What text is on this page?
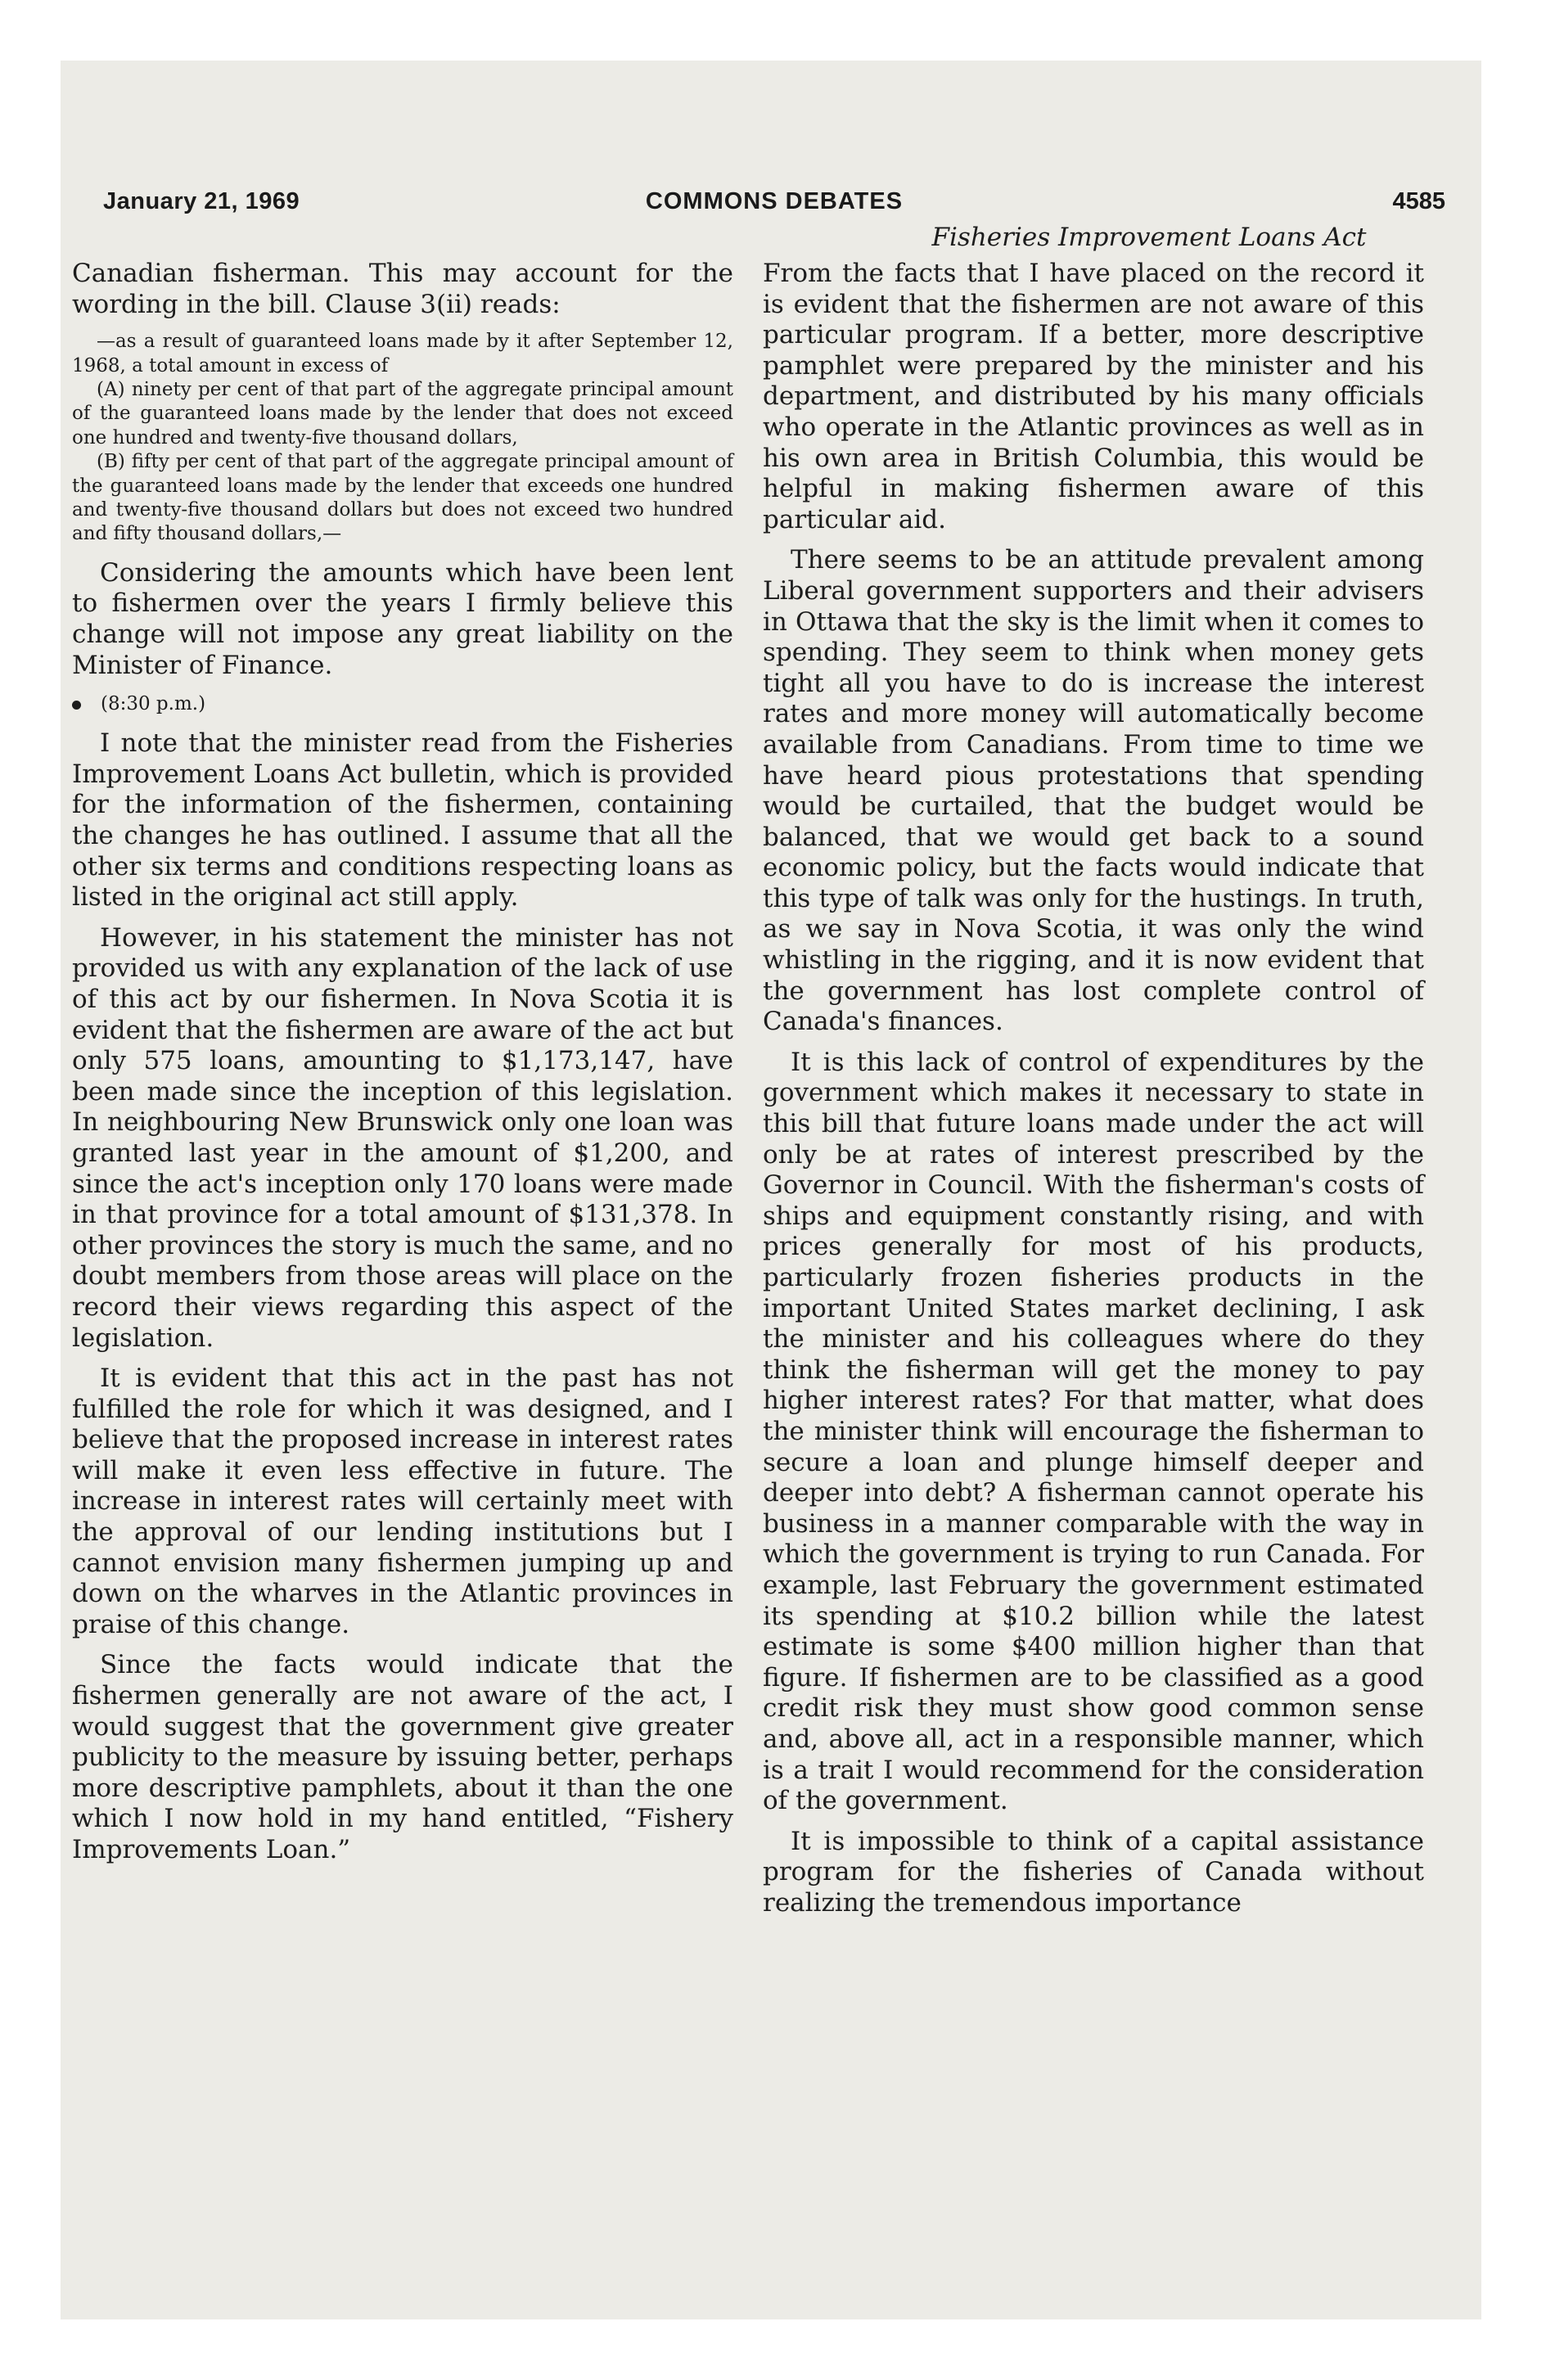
January 21, 1969	COMMONS DEBATES	4585
Fisheries Improvement Loans Act

Canadian fisherman. This may account for the wording in the bill. Clause 3(ii) reads:

—as a result of guaranteed loans made by it after September 12, 1968, a total amount in excess of

(A) ninety per cent of that part of the aggregate principal amount of the guaranteed loans made by the lender that does not exceed one hundred and twenty-five thousand dollars,

(B) fifty per cent of that part of the aggregate principal amount of the guaranteed loans made by the lender that exceeds one hundred and twenty-five thousand dollars but does not exceed two hundred and fifty thousand dollars,—

Considering the amounts which have been lent to fishermen over the years I firmly believe this change will not impose any great liability on the Minister of Finance.

(8:30 p.m.)

I note that the minister read from the Fisheries Improvement Loans Act bulletin, which is provided for the information of the fishermen, containing the changes he has outlined. I assume that all the other six terms and conditions respecting loans as listed in the original act still apply.

However, in his statement the minister has not provided us with any explanation of the lack of use of this act by our fishermen. In Nova Scotia it is evident that the fishermen are aware of the act but only 575 loans, amounting to $1,173,147, have been made since the inception of this legislation. In neighbouring New Brunswick only one loan was granted last year in the amount of $1,200, and since the act's inception only 170 loans were made in that province for a total amount of $131,378. In other provinces the story is much the same, and no doubt members from those areas will place on the record their views regarding this aspect of the legislation.

It is evident that this act in the past has not fulfilled the role for which it was designed, and I believe that the proposed increase in interest rates will make it even less effective in future. The increase in interest rates will certainly meet with the approval of our lending institutions but I cannot envision many fishermen jumping up and down on the wharves in the Atlantic provinces in praise of this change.

Since the facts would indicate that the fishermen generally are not aware of the act, I would suggest that the government give greater publicity to the measure by issuing better, perhaps more descriptive pamphlets, about it than the one which I now hold in my hand entitled, “Fishery Improvements Loan.”

From the facts that I have placed on the record it is evident that the fishermen are not aware of this particular program. If a better, more descriptive pamphlet were prepared by the minister and his department, and distributed by his many officials who operate in the Atlantic provinces as well as in his own area in British Columbia, this would be helpful in making fishermen aware of this particular aid.

There seems to be an attitude prevalent among Liberal government supporters and their advisers in Ottawa that the sky is the limit when it comes to spending. They seem to think when money gets tight all you have to do is increase the interest rates and more money will automatically become available from Canadians. From time to time we have heard pious protestations that spending would be curtailed, that the budget would be balanced, that we would get back to a sound economic policy, but the facts would indicate that this type of talk was only for the hustings. In truth, as we say in Nova Scotia, it was only the wind whistling in the rigging, and it is now evident that the government has lost complete control of Canada's finances.

It is this lack of control of expenditures by the government which makes it necessary to state in this bill that future loans made under the act will only be at rates of interest prescribed by the Governor in Council. With the fisherman's costs of ships and equipment constantly rising, and with prices generally for most of his products, particularly frozen fisheries products in the important United States market declining, I ask the minister and his colleagues where do they think the fisherman will get the money to pay higher interest rates? For that matter, what does the minister think will encourage the fisherman to secure a loan and plunge himself deeper and deeper into debt? A fisherman cannot operate his business in a manner comparable with the way in which the government is trying to run Canada. For example, last February the government estimated its spending at $10.2 billion while the latest estimate is some $400 million higher than that figure. If fishermen are to be classified as a good credit risk they must show good common sense and, above all, act in a responsible manner, which is a trait I would recommend for the consideration of the government.

It is impossible to think of a capital assistance program for the fisheries of Canada without realizing the tremendous importance
